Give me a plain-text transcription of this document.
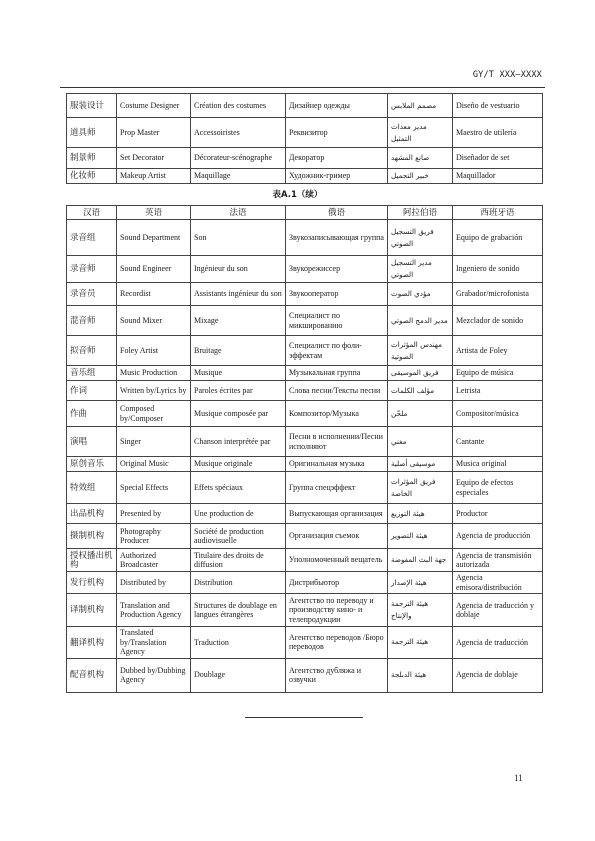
GY/T XXX—XXXX
服装设计	Costume Designer	Création des costumes	Дизайнер одежды	مصمم الملابس	Diseño de vestuario
道具师	Prop Master	Accessoiristes	Реквизитор	مدير معدات التمثيل	Maestro de utilería
制景师	Set Decorator	Décorateur-scénographe	Декоратор	صانع المشهد	Diseñador de set
化妆师	Makeup Artist	Maquillage	Художник-гример	خبير التجميل	Maquillador
表A.1（续）
汉语	英语	法语	俄语	阿拉伯语	西班牙语
录音组	Sound Department	Son	Звукозаписывающая группа	فريق التسجيل الصوتي	Equipo de grabación
录音师	Sound Engineer	Ingénieur du son	Звукорежиссер	مدير التسجيل الصوتي	Ingeniero de sonido
录音员	Recordist	Assistants ingénieur du son	Звукооператор	مؤدي الصوت	Grabador/microfonista
混音师	Sound Mixer	Mixage	Специалист по микшированию	مدير الدمج الصوتي	Mezclador de sonido
拟音师	Foley Artist	Bruitage	Специалист по фоли-эффектам	مهندس المؤثرات الصوتية	Artista de Foley
音乐组	Music Production	Musique	Музыкальная группа	فريق الموسيقى	Equipo de música
作词	Written by/Lyrics by	Paroles écrites par	Слова песни/Тексты песни	مؤلف الكلمات	Letrista
作曲	Composed by/Composer	Musique composée par	Композитор/Музыка	ملحّن	Compositor/música
演唱	Singer	Chanson interprétée par	Песни в исполнении/Песни исполняют	مغني	Cantante
原创音乐	Original Music	Musique originale	Оригинальная музыка	موسيقى أصلية	Musica original
特效组	Special Effects	Effets spéciaux	Группа спецэффект	فريق المؤثرات الخاصة	Equipo de efectos especiales
出品机构	Presented by	Une production de	Выпускающая организация	هيئة التوزيع	Productor
摄制机构	Photography Producer	Société de production audiovisuelle	Организация съемок	هيئة التصوير	Agencia de producción
授权播出机构	Authorized Broadcaster	Titulaire des droits de diffusion	Уполномоченный вещатель	جهة البث المفوضة	Agencia de transmisión autorizada
发行机构	Distributed by	Distribution	Дистрибьютор	هيئة الإصدار	Agencia emisora/distribución
译制机构	Translation and Production Agency	Structures de doublage en langues étrangères	Агентство по переводу и производству кино- и телепродукции	هيئة الترجمة والإنتاج	Agencia de traducción y doblaje
翻译机构	Translated by/Translation Agency	Traduction	Агентство переводов /Бюро переводов	هيئة الترجمة	Agencia de traducción
配音机构	Dubbed by/Dubbing Agency	Doublage	Агентство дубляжа и озвучки	هيئة الدبلجة	Agencia de doblaje
11
